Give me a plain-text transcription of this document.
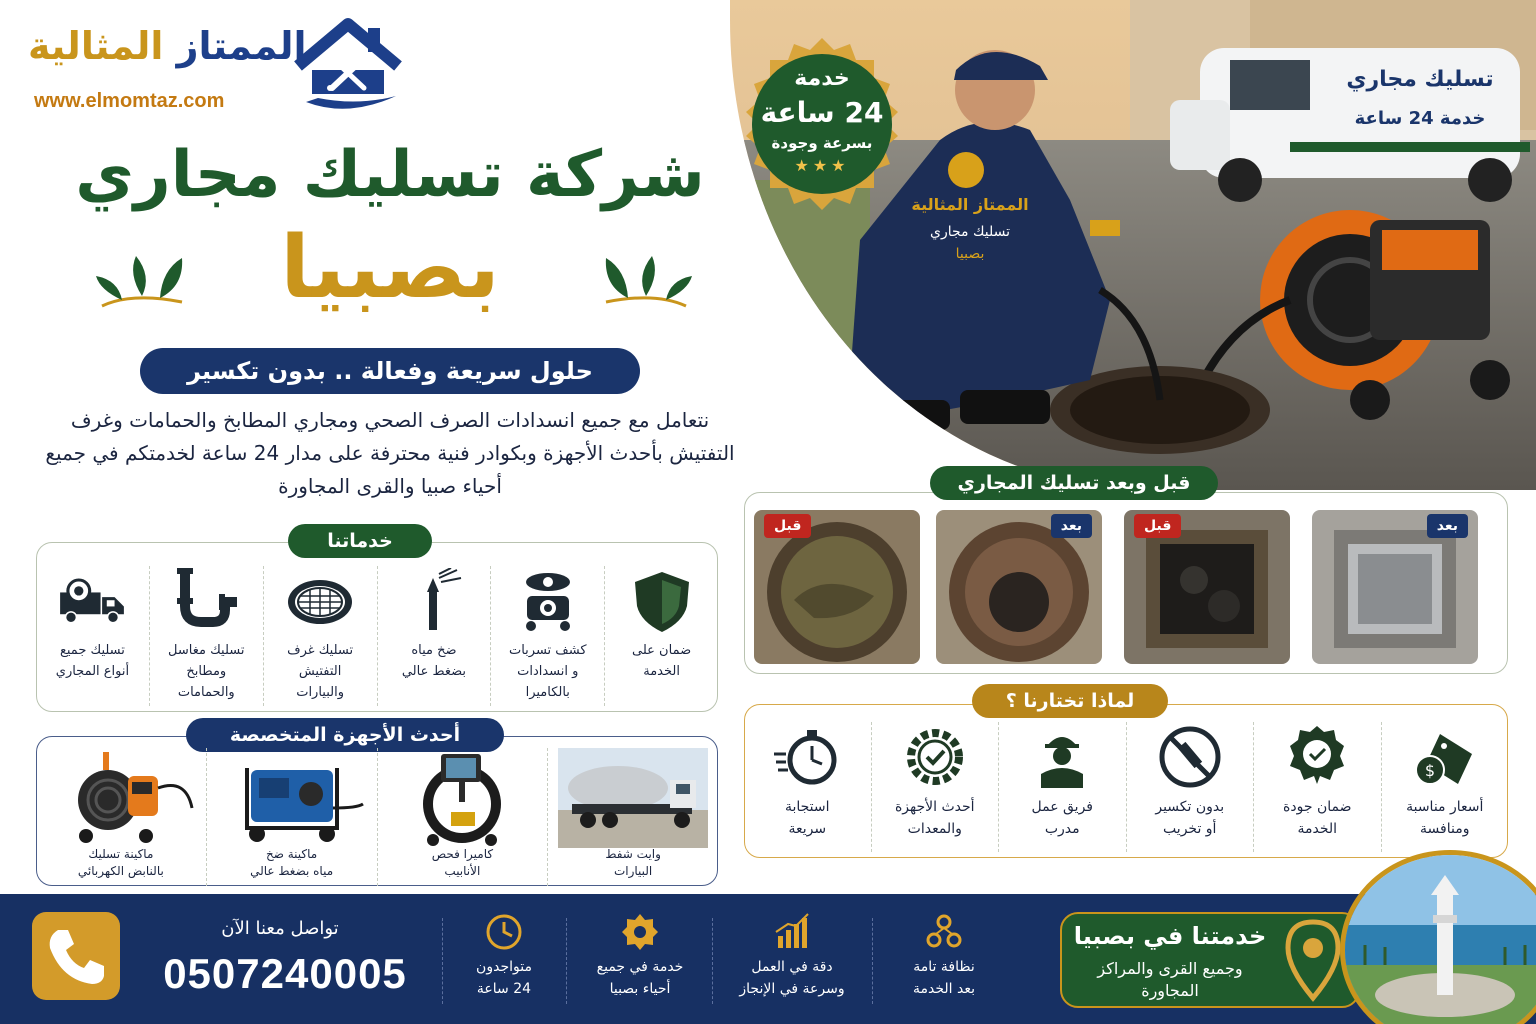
الممتاز المثالية
www.elmomtaz.com
شركة تسليك مجاري
بصبيا
حلول سريعة وفعالة .. بدون تكسير
نتعامل مع جميع انسدادات الصرف الصحي ومجاري المطابخ والحمامات وغرف التفتيش بأحدث الأجهزة وبكوادر فنية محترفة على مدار 24 ساعة لخدمتكم في جميع أحياء صبيا والقرى المجاورة
خدماتنا
ضمان على
الخدمة
كشف تسربات
و انسدادات
بالكاميرا
ضخ مياه
بضغط عالي
تسليك غرف
التفتيش
والبيارات
تسليك مغاسل
ومطابخ
والحمامات
تسليك جميع
أنواع المجاري
أحدث الأجهزة المتخصصة
وايت شفط
البيارات
كاميرا فحص
الأنابيب
ماكينة ضخ
مياه بضغط عالي
ماكينة تسليك
بالنابض الكهربائي
تسليك مجاري
خدمة 24 ساعة
الممتاز المثالية
تسليك مجاري
بصبيا
خدمة
24 ساعة
بسرعة وجودة
★★★
قبل وبعد تسليك المجاري
قبل	بعد	قبل	بعد
لماذا تختارنا ؟
$
أسعار مناسبة
ومنافسة
ضمان جودة
الخدمة
بدون تكسير
أو تخريب
فريق عمل
مدرب
أحدث الأجهزة
والمعدات
استجابة
سريعة
تواصل معنا الآن
0507240005	متواجدون
24 ساعة
خدمة في جميع
أحياء بصبيا
دقة في العمل
وسرعة في الإنجاز
نظافة تامة
بعد الخدمة
خدمتنا في بصبيا
وجميع القرى والمراكز
المجاورة
